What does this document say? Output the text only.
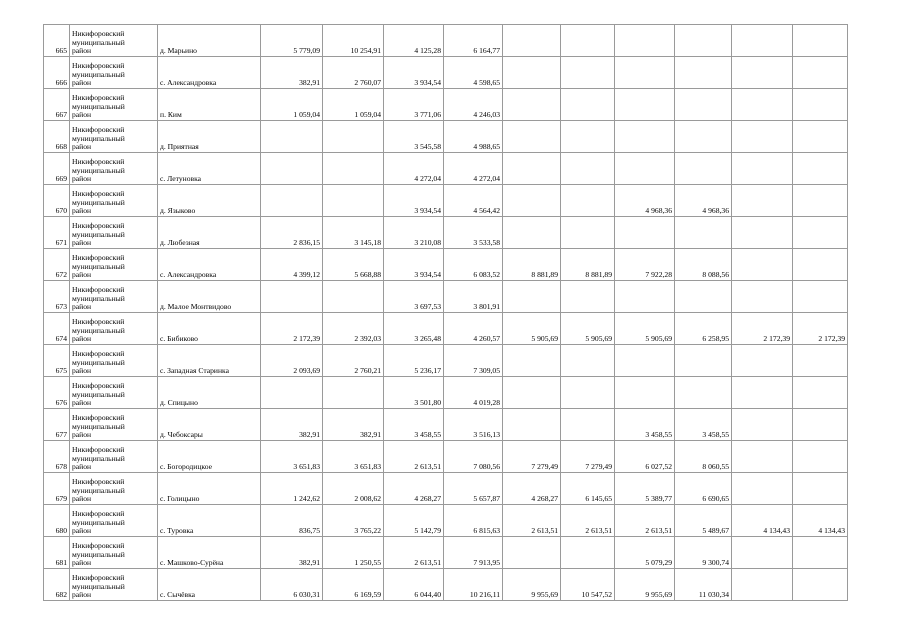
665	Никифоровский
муниципальный
район	д. Марьино	5 779,09	10 254,91	4 125,28	6 164,77						
666	Никифоровский
муниципальный
район	с. Александровка	382,91	2 760,07	3 934,54	4 598,65						
667	Никифоровский
муниципальный
район	п. Ким	1 059,04	1 059,04	3 771,06	4 246,03						
668	Никифоровский
муниципальный
район	д. Приятная			3 545,58	4 988,65						
669	Никифоровский
муниципальный
район	с. Летуновка			4 272,04	4 272,04						
670	Никифоровский
муниципальный
район	д. Языково			3 934,54	4 564,42			4 968,36	4 968,36		
671	Никифоровский
муниципальный
район	д. Любезная	2 836,15	3 145,18	3 210,08	3 533,58						
672	Никифоровский
муниципальный
район	с. Александровка	4 399,12	5 668,88	3 934,54	6 083,52	8 881,89	8 881,89	7 922,28	8 088,56		
673	Никифоровский
муниципальный
район	д. Малое Монтвидово			3 697,53	3 801,91						
674	Никифоровский
муниципальный
район	с. Бибиково	2 172,39	2 392,03	3 265,48	4 260,57	5 905,69	5 905,69	5 905,69	6 258,95	2 172,39	2 172,39
675	Никифоровский
муниципальный
район	с. Западная Старинка	2 093,69	2 760,21	5 236,17	7 309,05						
676	Никифоровский
муниципальный
район	д. Спицыно			3 501,80	4 019,28						
677	Никифоровский
муниципальный
район	д. Чебоксары	382,91	382,91	3 458,55	3 516,13			3 458,55	3 458,55		
678	Никифоровский
муниципальный
район	с. Богородицкое	3 651,83	3 651,83	2 613,51	7 080,56	7 279,49	7 279,49	6 027,52	8 060,55		
679	Никифоровский
муниципальный
район	с. Голицыно	1 242,62	2 008,62	4 268,27	5 657,87	4 268,27	6 145,65	5 389,77	6 690,65		
680	Никифоровский
муниципальный
район	с. Туровка	836,75	3 765,22	5 142,79	6 815,63	2 613,51	2 613,51	2 613,51	5 489,67	4 134,43	4 134,43
681	Никифоровский
муниципальный
район	с. Машково-Сурёна	382,91	1 250,55	2 613,51	7 913,95			5 079,29	9 300,74		
682	Никифоровский
муниципальный
район	с. Сычёвка	6 030,31	6 169,59	6 044,40	10 216,11	9 955,69	10 547,52	9 955,69	11 030,34		
